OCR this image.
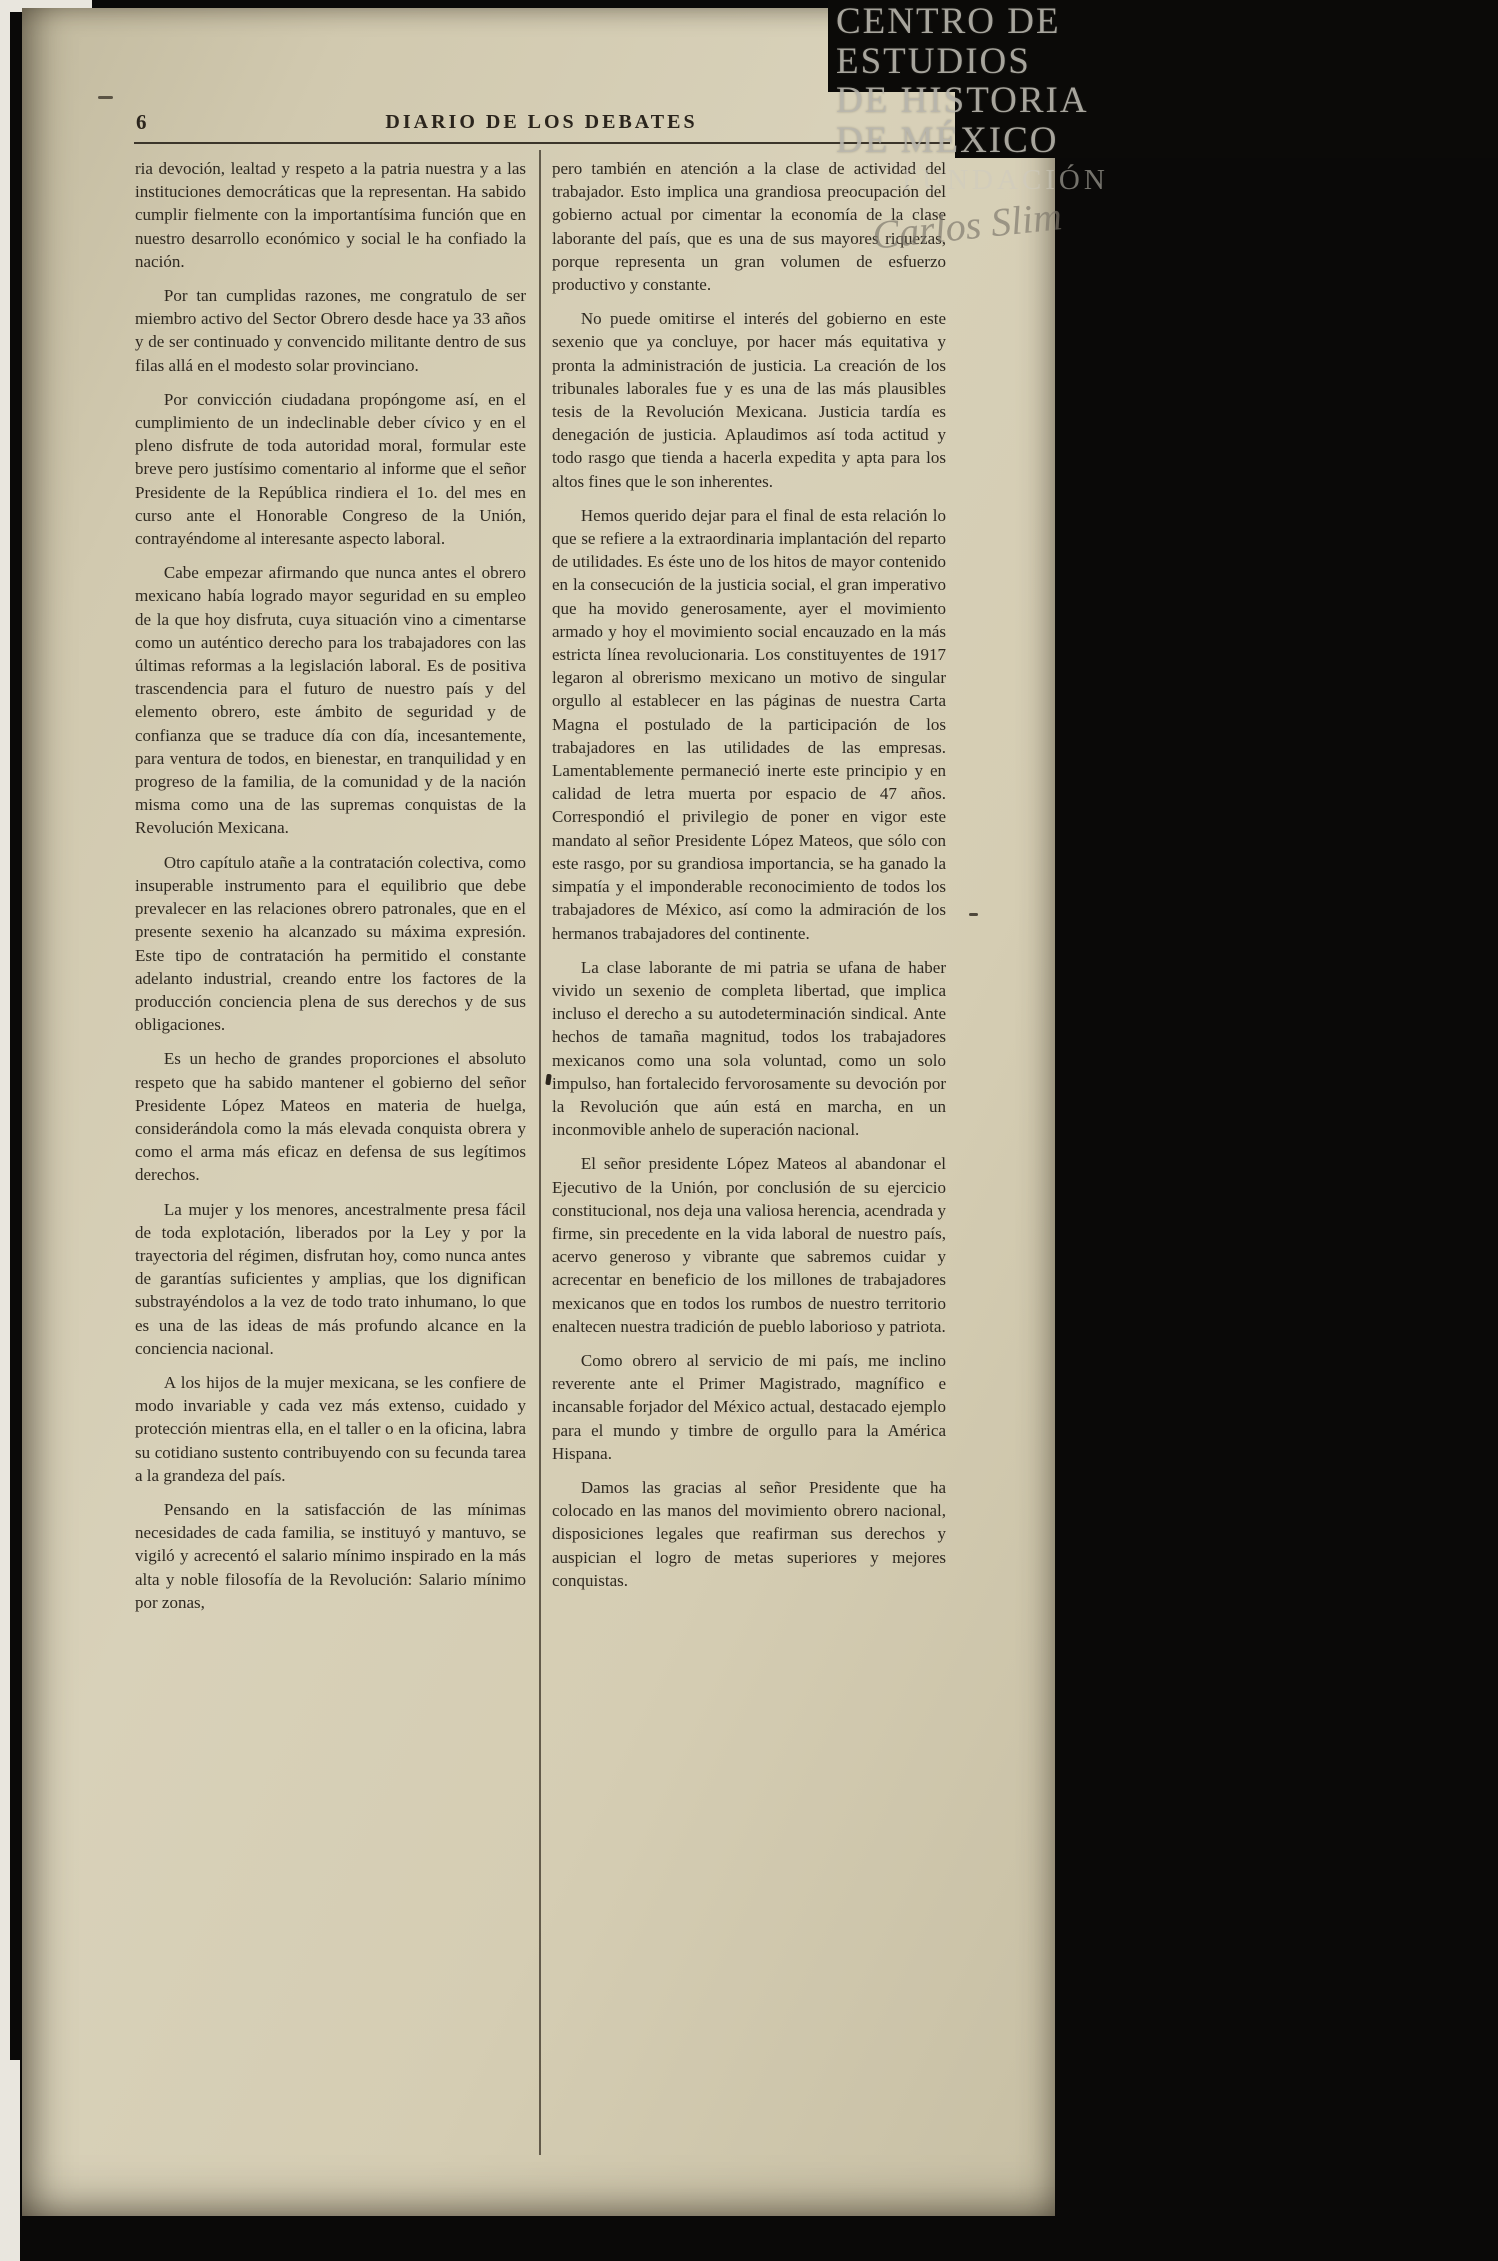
6	DIARIO DE LOS DEBATES

ria devoción, lealtad y respeto a la patria nuestra y a las instituciones democráticas que la representan. Ha sabido cumplir fielmente con la importantísima función que en nuestro desarrollo económico y social le ha confiado la nación.

Por tan cumplidas razones, me congratulo de ser miembro activo del Sector Obrero desde hace ya 33 años y de ser continuado y convencido militante dentro de sus filas allá en el modesto solar provinciano.

Por convicción ciudadana propóngome así, en el cumplimiento de un indeclinable deber cívico y en el pleno disfrute de toda autoridad moral, formular este breve pero justísimo comentario al informe que el señor Presidente de la República rindiera el 1o. del mes en curso ante el Honorable Congreso de la Unión, contrayéndome al interesante aspecto laboral.

Cabe empezar afirmando que nunca antes el obrero mexicano había logrado mayor seguridad en su empleo de la que hoy disfruta, cuya situación vino a cimentarse como un auténtico derecho para los trabajadores con las últimas reformas a la legislación laboral. Es de positiva trascendencia para el futuro de nuestro país y del elemento obrero, este ámbito de seguridad y de confianza que se traduce día con día, incesantemente, para ventura de todos, en bienestar, en tranquilidad y en progreso de la familia, de la comunidad y de la nación misma como una de las supremas conquistas de la Revolución Mexicana.

Otro capítulo atañe a la contratación colectiva, como insuperable instrumento para el equilibrio que debe prevalecer en las relaciones obrero patronales, que en el presente sexenio ha alcanzado su máxima expresión. Este tipo de contratación ha permitido el constante adelanto industrial, creando entre los factores de la producción conciencia plena de sus derechos y de sus obligaciones.

Es un hecho de grandes proporciones el absoluto respeto que ha sabido mantener el gobierno del señor Presidente López Mateos en materia de huelga, considerándola como la más elevada conquista obrera y como el arma más eficaz en defensa de sus legítimos derechos.

La mujer y los menores, ancestralmente presa fácil de toda explotación, liberados por la Ley y por la trayectoria del régimen, disfrutan hoy, como nunca antes de garantías suficientes y amplias, que los dignifican substrayéndolos a la vez de todo trato inhumano, lo que es una de las ideas de más profundo alcance en la conciencia nacional.

A los hijos de la mujer mexicana, se les confiere de modo invariable y cada vez más extenso, cuidado y protección mientras ella, en el taller o en la oficina, labra su cotidiano sustento contribuyendo con su fecunda tarea a la grandeza del país.

Pensando en la satisfacción de las mínimas necesidades de cada familia, se instituyó y mantuvo, se vigiló y acrecentó el salario mínimo inspirado en la más alta y noble filosofía de la Revolución: Salario mínimo por zonas,

pero también en atención a la clase de actividad del trabajador. Esto implica una grandiosa preocupación del gobierno actual por cimentar la economía de la clase laborante del país, que es una de sus mayores riquezas, porque representa un gran volumen de esfuerzo productivo y constante.

No puede omitirse el interés del gobierno en este sexenio que ya concluye, por hacer más equitativa y pronta la administración de justicia. La creación de los tribunales laborales fue y es una de las más plausibles tesis de la Revolución Mexicana. Justicia tardía es denegación de justicia. Aplaudimos así toda actitud y todo rasgo que tienda a hacerla expedita y apta para los altos fines que le son inherentes.

Hemos querido dejar para el final de esta relación lo que se refiere a la extraordinaria implantación del reparto de utilidades. Es éste uno de los hitos de mayor contenido en la consecución de la justicia social, el gran imperativo que ha movido generosamente, ayer el movimiento armado y hoy el movimiento social encauzado en la más estricta línea revolucionaria. Los constituyentes de 1917 legaron al obrerismo mexicano un motivo de singular orgullo al establecer en las páginas de nuestra Carta Magna el postulado de la participación de los trabajadores en las utilidades de las empresas. Lamentablemente permaneció inerte este principio y en calidad de letra muerta por espacio de 47 años. Correspondió el privilegio de poner en vigor este mandato al señor Presidente López Mateos, que sólo con este rasgo, por su grandiosa importancia, se ha ganado la simpatía y el imponderable reconocimiento de todos los trabajadores de México, así como la admiración de los hermanos trabajadores del continente.

La clase laborante de mi patria se ufana de haber vivido un sexenio de completa libertad, que implica incluso el derecho a su autodeterminación sindical. Ante hechos de tamaña magnitud, todos los trabajadores mexicanos como una sola voluntad, como un solo impulso, han fortalecido fervorosamente su devoción por la Revolución que aún está en marcha, en un inconmovible anhelo de superación nacional.

El señor presidente López Mateos al abandonar el Ejecutivo de la Unión, por conclusión de su ejercicio constitucional, nos deja una valiosa herencia, acendrada y firme, sin precedente en la vida laboral de nuestro país, acervo generoso y vibrante que sabremos cuidar y acrecentar en beneficio de los millones de trabajadores mexicanos que en todos los rumbos de nuestro territorio enaltecen nuestra tradición de pueblo laborioso y patriota.

Como obrero al servicio de mi país, me inclino reverente ante el Primer Magistrado, magnífico e incansable forjador del México actual, destacado ejemplo para el mundo y timbre de orgullo para la América Hispana.

Damos las gracias al señor Presidente que ha colocado en las manos del movimiento obrero nacional, disposiciones legales que reafirman sus derechos y auspician el logro de metas superiores y mejores conquistas.

CENTRO DE
ESTUDIOS
DE HISTORIA
DE MÉXICO
FUNDACIÓN
Carlos Slim
